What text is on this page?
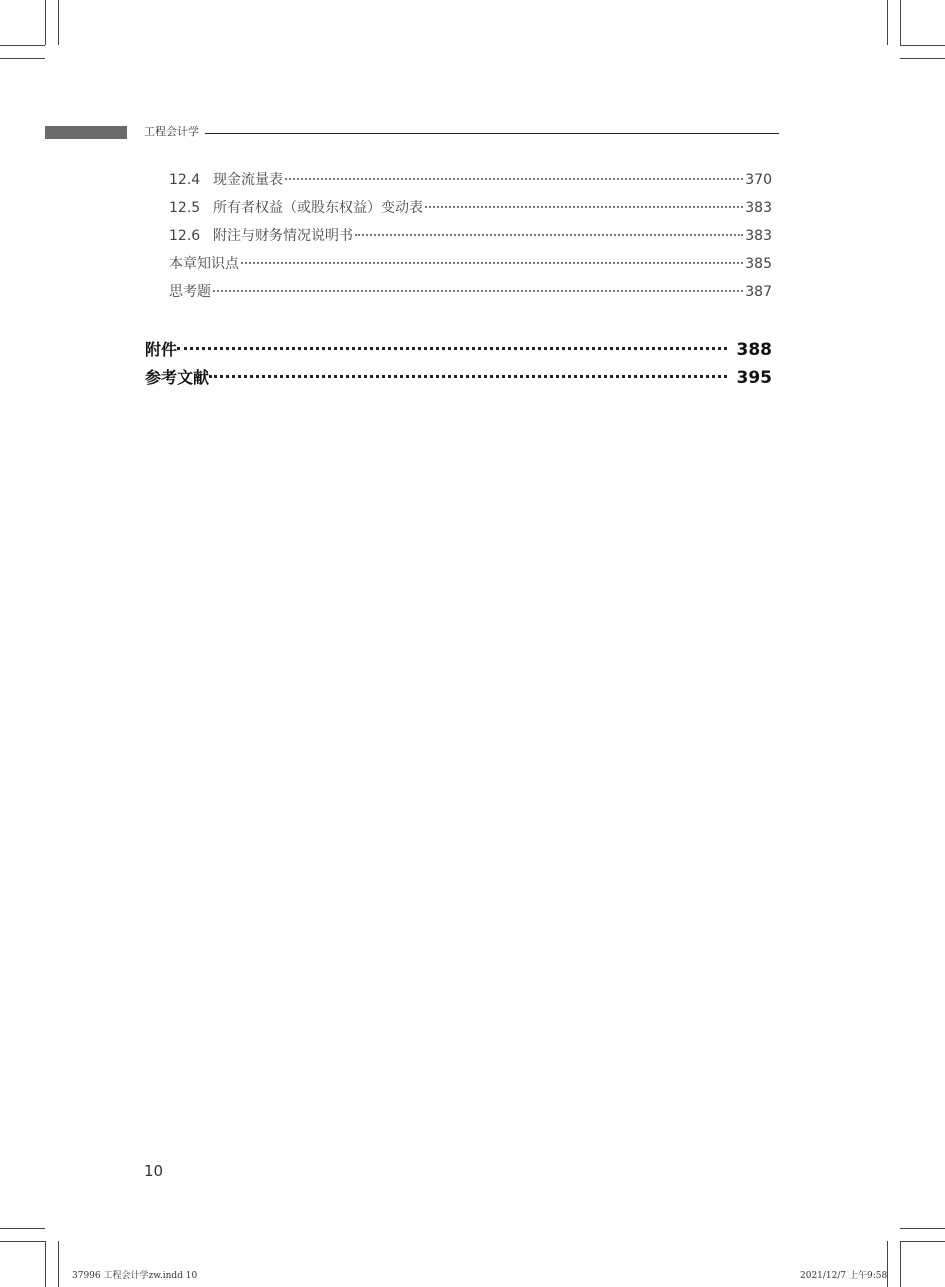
工程会计学
12.4 现金流量表	370
12.5 所有者权益（或股东权益）变动表	383
12.6 附注与财务情况说明书	383
本章知识点	385
思考题	387
附件	388
参考文献	395
10
37996 工程会计学zw.indd 10	2021/12/7 上午9:58
